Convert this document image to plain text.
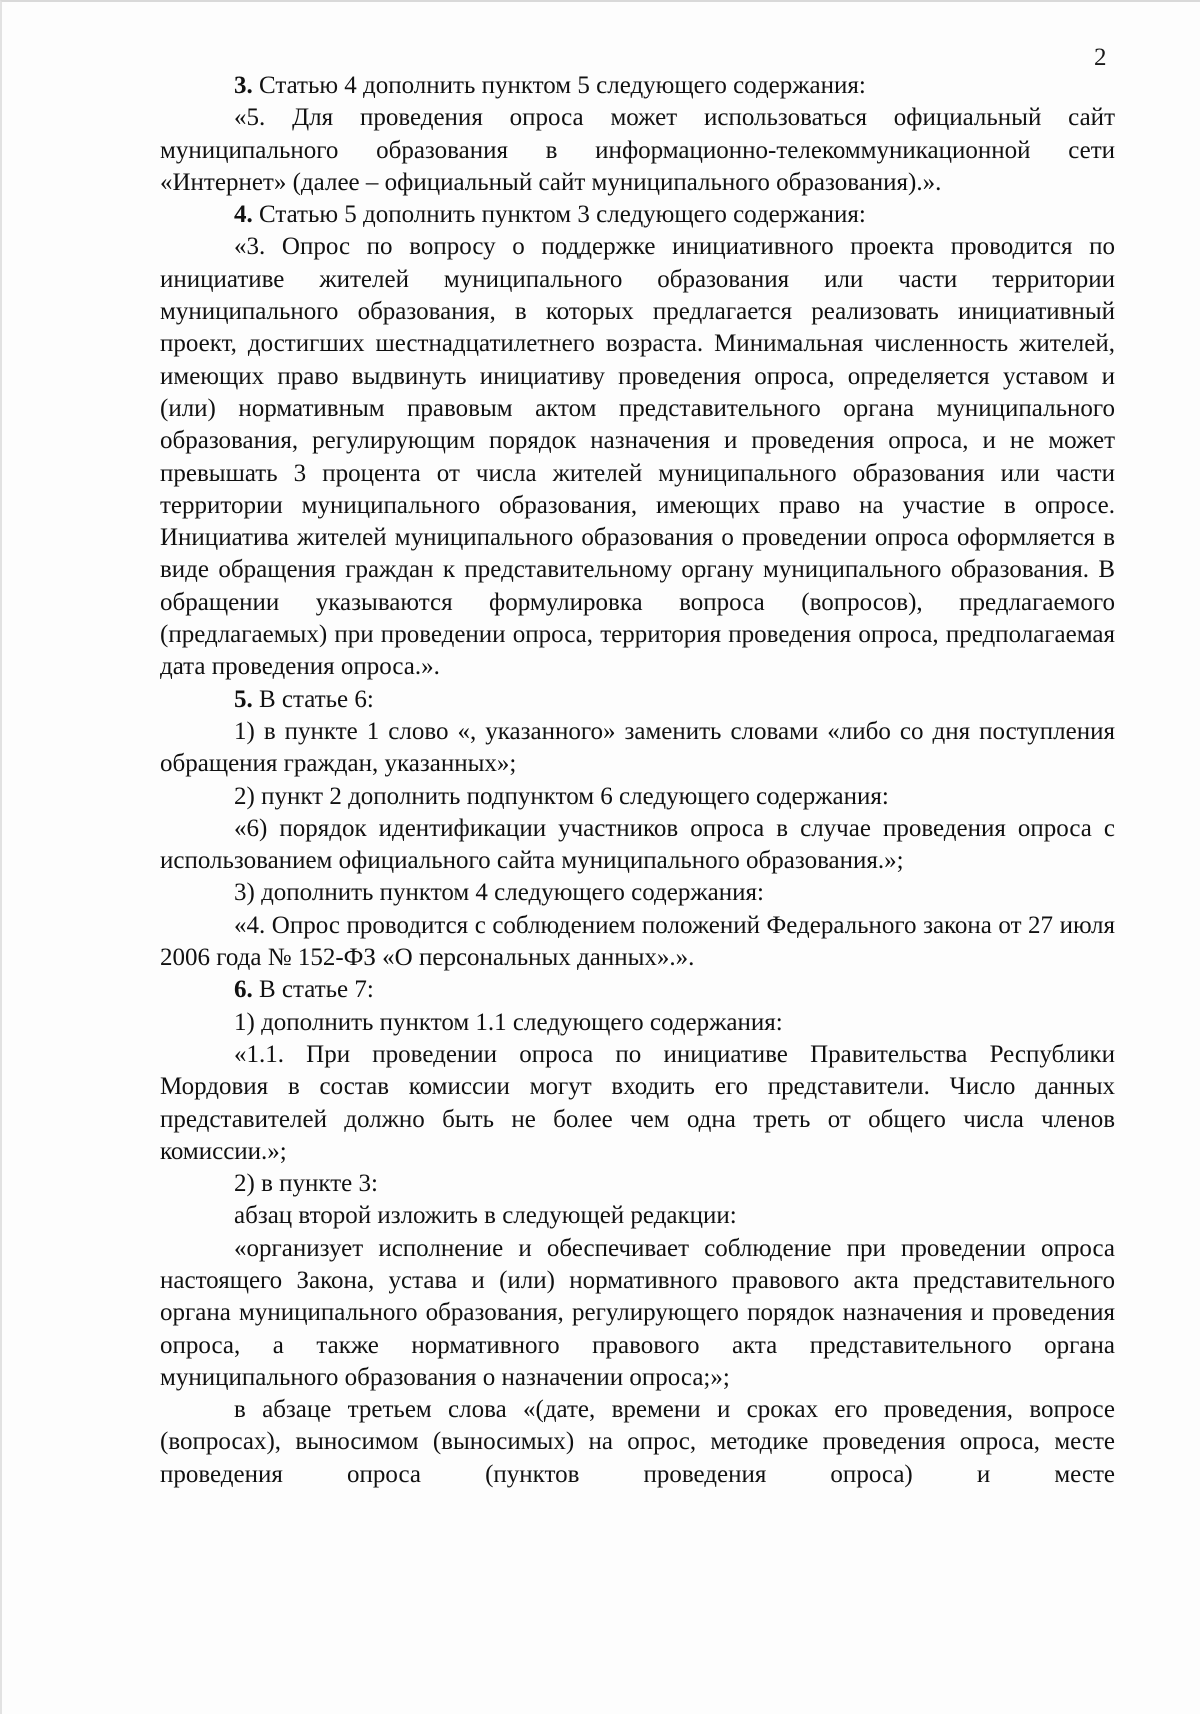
2

3. Статью 4 дополнить пунктом 5 следующего содержания:

«5. Для проведения опроса может использоваться официальный сайт муниципального образования в информационно-телекоммуникационной сети «Интернет» (далее – официальный сайт муниципального образования).».

4. Статью 5 дополнить пунктом 3 следующего содержания:

«3. Опрос по вопросу о поддержке инициативного проекта проводится по инициативе жителей муниципального образования или части территории муниципального образования, в которых предлагается реализовать инициативный проект, достигших шестнадцатилетнего возраста. Минимальная численность жителей, имеющих право выдвинуть инициативу проведения опроса, определяется уставом и (или) нормативным правовым актом представительного органа муниципального образования, регулирующим порядок назначения и проведения опроса, и не может превышать 3 процента от числа жителей муниципального образования или части территории муниципального образования, имеющих право на участие в опросе. Инициатива жителей муниципального образования о проведении опроса оформляется в виде обращения граждан к представительному органу муниципального образования. В обращении указываются формулировка вопроса (вопросов), предлагаемого (предлагаемых) при проведении опроса, территория проведения опроса, предполагаемая дата проведения опроса.».

5. В статье 6:

1) в пункте 1 слово «, указанного» заменить словами «либо со дня поступления обращения граждан, указанных»;

2) пункт 2 дополнить подпунктом 6 следующего содержания:

«6) порядок идентификации участников опроса в случае проведения опроса с использованием официального сайта муниципального образования.»;

3) дополнить пунктом 4 следующего содержания:

«4. Опрос проводится с соблюдением положений Федерального закона от 27 июля 2006 года № 152-ФЗ «О персональных данных».».

6. В статье 7:

1) дополнить пунктом 1.1 следующего содержания:

«1.1. При проведении опроса по инициативе Правительства Республики Мордовия в состав комиссии могут входить его представители. Число данных представителей должно быть не более чем одна треть от общего числа членов комиссии.»;

2) в пункте 3:

абзац второй изложить в следующей редакции:

«организует исполнение и обеспечивает соблюдение при проведении опроса настоящего Закона, устава и (или) нормативного правового акта представительного органа муниципального образования, регулирующего порядок назначения и проведения опроса, а также нормативного правового акта представительного органа муниципального образования о назначении опроса;»;

в абзаце третьем слова «(дате, времени и сроках его проведения, вопросе (вопросах), выносимом (выносимых) на опрос, методике проведения опроса, месте проведения опроса (пунктов проведения опроса) и месте
